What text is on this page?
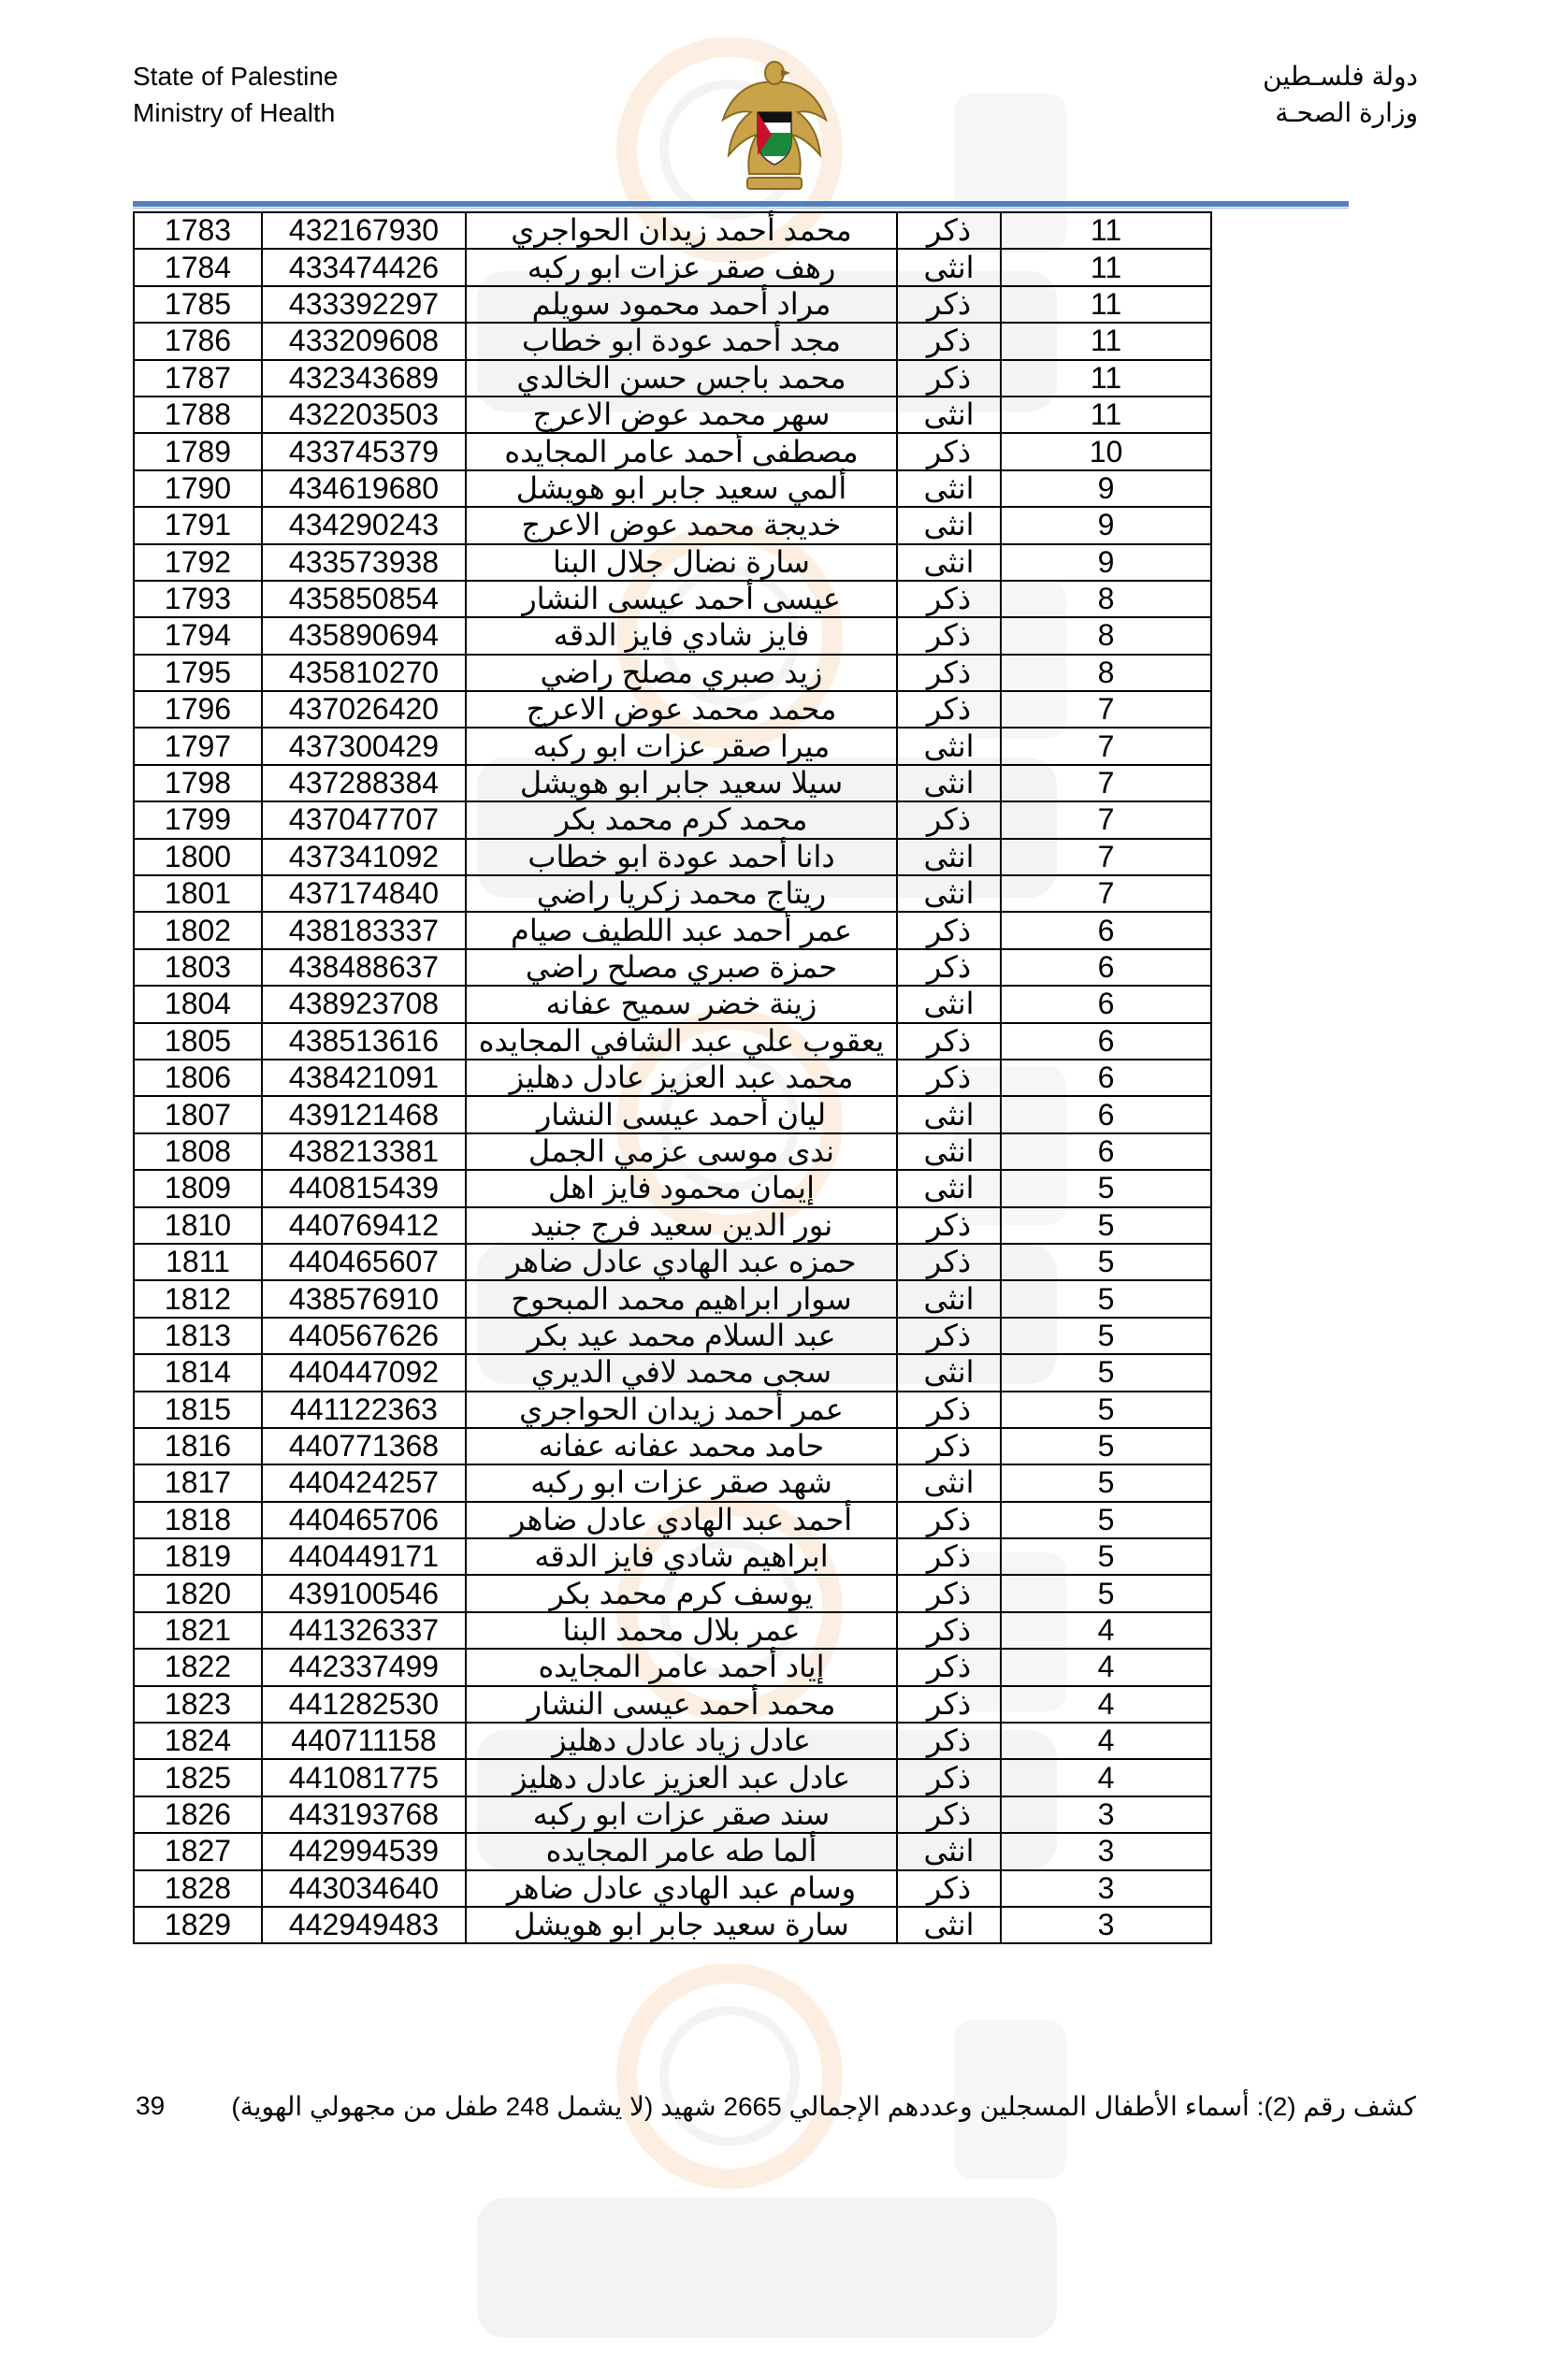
State of Palestine
Ministry of Health
دولة فلسـطين
وزارة الصحـة
1783	432167930	محمد أحمد زيدان الحواجري	ذكر	11
1784	433474426	رهف صقر عزات ابو ركبه	انثى	11
1785	433392297	مراد أحمد محمود سويلم	ذكر	11
1786	433209608	مجد أحمد عودة ابو خطاب	ذكر	11
1787	432343689	محمد باجس حسن الخالدي	ذكر	11
1788	432203503	سهر محمد عوض الاعرج	انثى	11
1789	433745379	مصطفى أحمد عامر المجايده	ذكر	10
1790	434619680	ألمي سعيد جابر ابو هويشل	انثى	9
1791	434290243	خديجة محمد عوض الاعرج	انثى	9
1792	433573938	سارة نضال جلال البنا	انثى	9
1793	435850854	عيسى أحمد عيسى النشار	ذكر	8
1794	435890694	فايز شادي فايز الدقه	ذكر	8
1795	435810270	زيد صبري مصلح راضي	ذكر	8
1796	437026420	محمد محمد عوض الاعرج	ذكر	7
1797	437300429	ميرا صقر عزات ابو ركبه	انثى	7
1798	437288384	سيلا سعيد جابر ابو هويشل	انثى	7
1799	437047707	محمد كرم محمد بكر	ذكر	7
1800	437341092	دانا أحمد عودة ابو خطاب	انثى	7
1801	437174840	ريتاج محمد زكريا راضي	انثى	7
1802	438183337	عمر أحمد عبد اللطيف صيام	ذكر	6
1803	438488637	حمزة صبري مصلح راضي	ذكر	6
1804	438923708	زينة خضر سميح عفانه	انثى	6
1805	438513616	يعقوب علي عبد الشافي المجايده	ذكر	6
1806	438421091	محمد عبد العزيز عادل دهليز	ذكر	6
1807	439121468	ليان أحمد عيسى النشار	انثى	6
1808	438213381	ندى موسى عزمي الجمل	انثى	6
1809	440815439	إيمان محمود فايز اهل	انثى	5
1810	440769412	نور الدين سعيد فرج جنيد	ذكر	5
1811	440465607	حمزه عبد الهادي عادل ضاهر	ذكر	5
1812	438576910	سوار ابراهيم محمد المبحوح	انثى	5
1813	440567626	عبد السلام محمد عيد بكر	ذكر	5
1814	440447092	سجى محمد لافي الديري	انثى	5
1815	441122363	عمر أحمد زيدان الحواجري	ذكر	5
1816	440771368	حامد محمد عفانه عفانه	ذكر	5
1817	440424257	شهد صقر عزات ابو ركبه	انثى	5
1818	440465706	أحمد عبد الهادي عادل ضاهر	ذكر	5
1819	440449171	ابراهيم شادي فايز الدقه	ذكر	5
1820	439100546	يوسف كرم محمد بكر	ذكر	5
1821	441326337	عمر بلال محمد البنا	ذكر	4
1822	442337499	إياد أحمد عامر المجايده	ذكر	4
1823	441282530	محمد أحمد عيسى النشار	ذكر	4
1824	440711158	عادل زياد عادل دهليز	ذكر	4
1825	441081775	عادل عبد العزيز عادل دهليز	ذكر	4
1826	443193768	سند صقر عزات ابو ركبه	ذكر	3
1827	442994539	ألما طه عامر المجايده	انثى	3
1828	443034640	وسام عبد الهادي عادل ضاهر	ذكر	3
1829	442949483	سارة سعيد جابر ابو هويشل	انثى	3
39	كشف رقم (2): أسماء الأطفال المسجلين وعددهم الإجمالي 2665 شهيد (لا يشمل 248 طفل من مجهولي الهوية)
